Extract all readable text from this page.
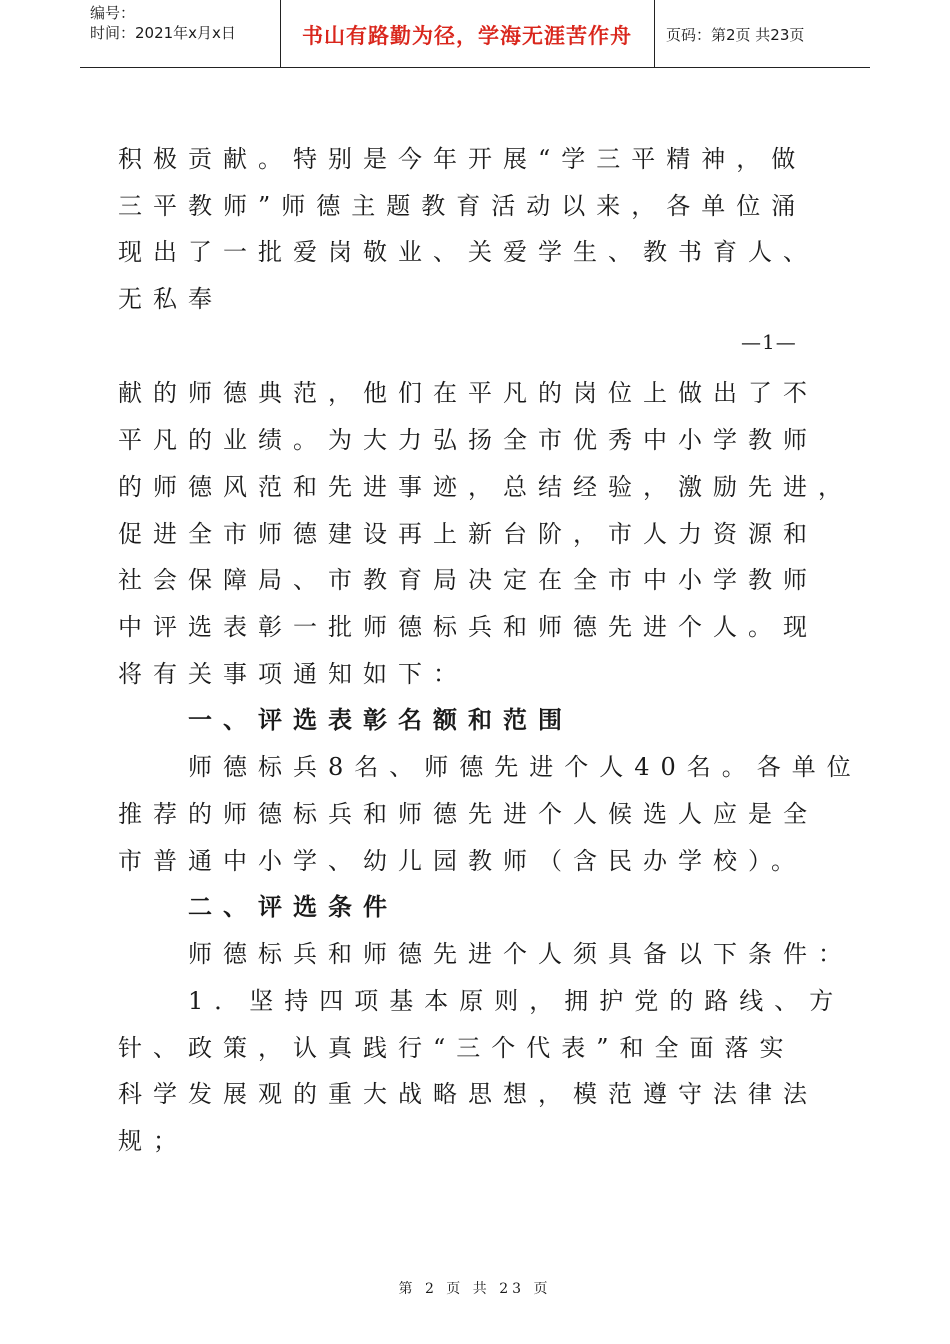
编号：
时间：2021年x月x日	书山有路勤为径，学海无涯苦作舟	页码：第2页 共23页
积极贡献。特别是今年开展“学三平精神，做
三平教师”师德主题教育活动以来，各单位涌
现出了一批爱岗敬业、关爱学生、教书育人、
无私奉
—1—
献的师德典范，他们在平凡的岗位上做出了不
平凡的业绩。为大力弘扬全市优秀中小学教师
的师德风范和先进事迹，总结经验，激励先进，
促进全市师德建设再上新台阶，市人力资源和
社会保障局、市教育局决定在全市中小学教师
中评选表彰一批师德标兵和师德先进个人。现
将有关事项通知如下：
一、评选表彰名额和范围
师德标兵8名、师德先进个人40名。各单位
推荐的师德标兵和师德先进个人候选人应是全
市普通中小学、幼儿园教师（含民办学校）。
二、评选条件
师德标兵和师德先进个人须具备以下条件：
1．坚持四项基本原则，拥护党的路线、方
针、政策，认真践行“三个代表”和全面落实
科学发展观的重大战略思想，模范遵守法律法
规；
第 2 页 共 23 页
